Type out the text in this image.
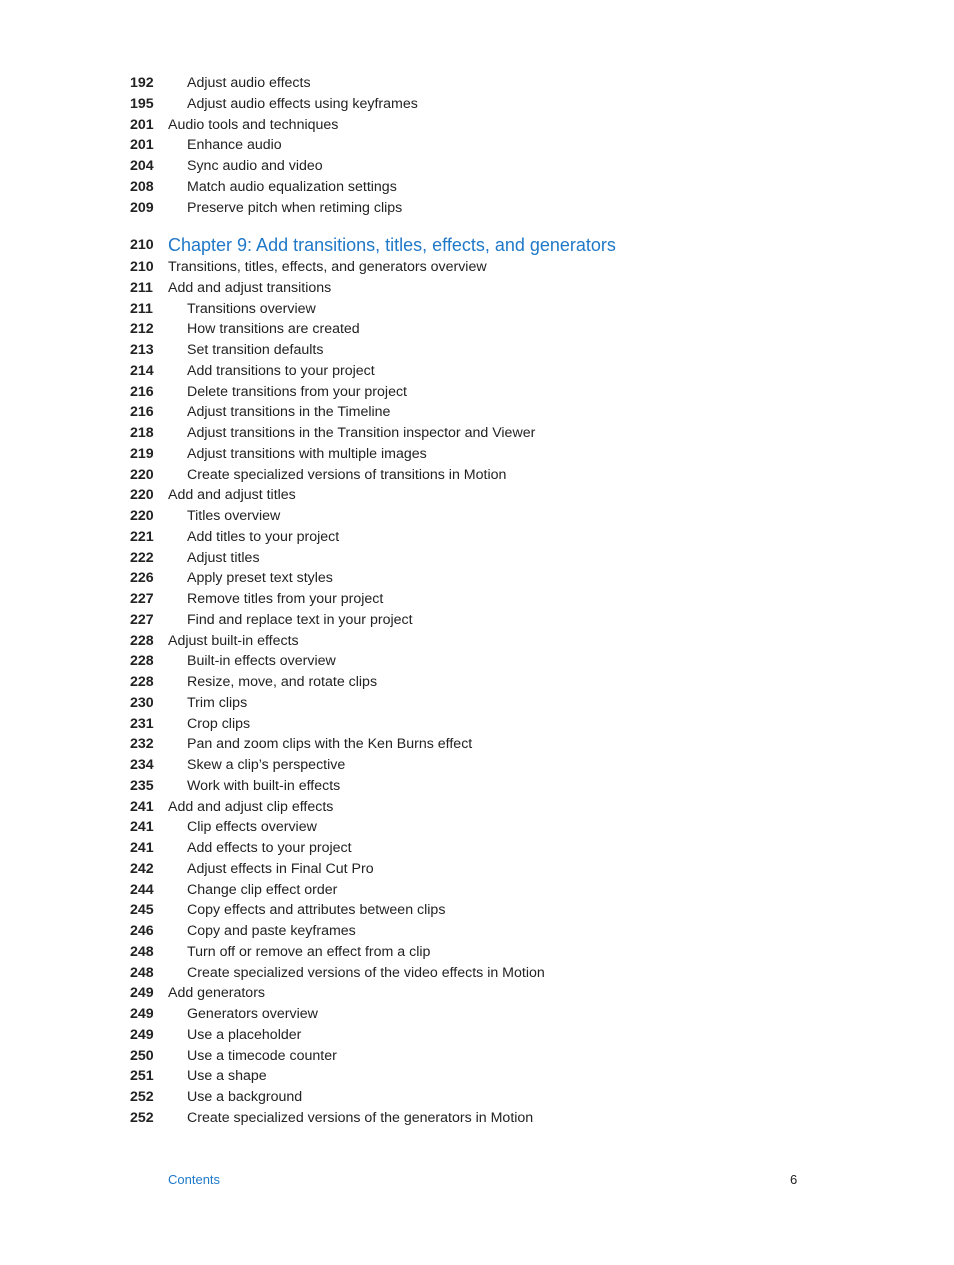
192	Adjust audio effects
195	Adjust audio effects using keyframes
201	Audio tools and techniques
201	Enhance audio
204	Sync audio and video
208	Match audio equalization settings
209	Preserve pitch when retiming clips
210 Chapter 9: Add transitions, titles, effects, and generators
210	Transitions, titles, effects, and generators overview
211	Add and adjust transitions
211	Transitions overview
212	How transitions are created
213	Set transition defaults
214	Add transitions to your project
216	Delete transitions from your project
216	Adjust transitions in the Timeline
218	Adjust transitions in the Transition inspector and Viewer
219	Adjust transitions with multiple images
220	Create specialized versions of transitions in Motion
220	Add and adjust titles
220	Titles overview
221	Add titles to your project
222	Adjust titles
226	Apply preset text styles
227	Remove titles from your project
227	Find and replace text in your project
228	Adjust built-in effects
228	Built-in effects overview
228	Resize, move, and rotate clips
230	Trim clips
231	Crop clips
232	Pan and zoom clips with the Ken Burns effect
234	Skew a clip’s perspective
235	Work with built-in effects
241	Add and adjust clip effects
241	Clip effects overview
241	Add effects to your project
242	Adjust effects in Final Cut Pro
244	Change clip effect order
245	Copy effects and attributes between clips
246	Copy and paste keyframes
248	Turn off or remove an effect from a clip
248	Create specialized versions of the video effects in Motion
249	Add generators
249	Generators overview
249	Use a placeholder
250	Use a timecode counter
251	Use a shape
252	Use a background
252	Create specialized versions of the generators in Motion
Contents	6
